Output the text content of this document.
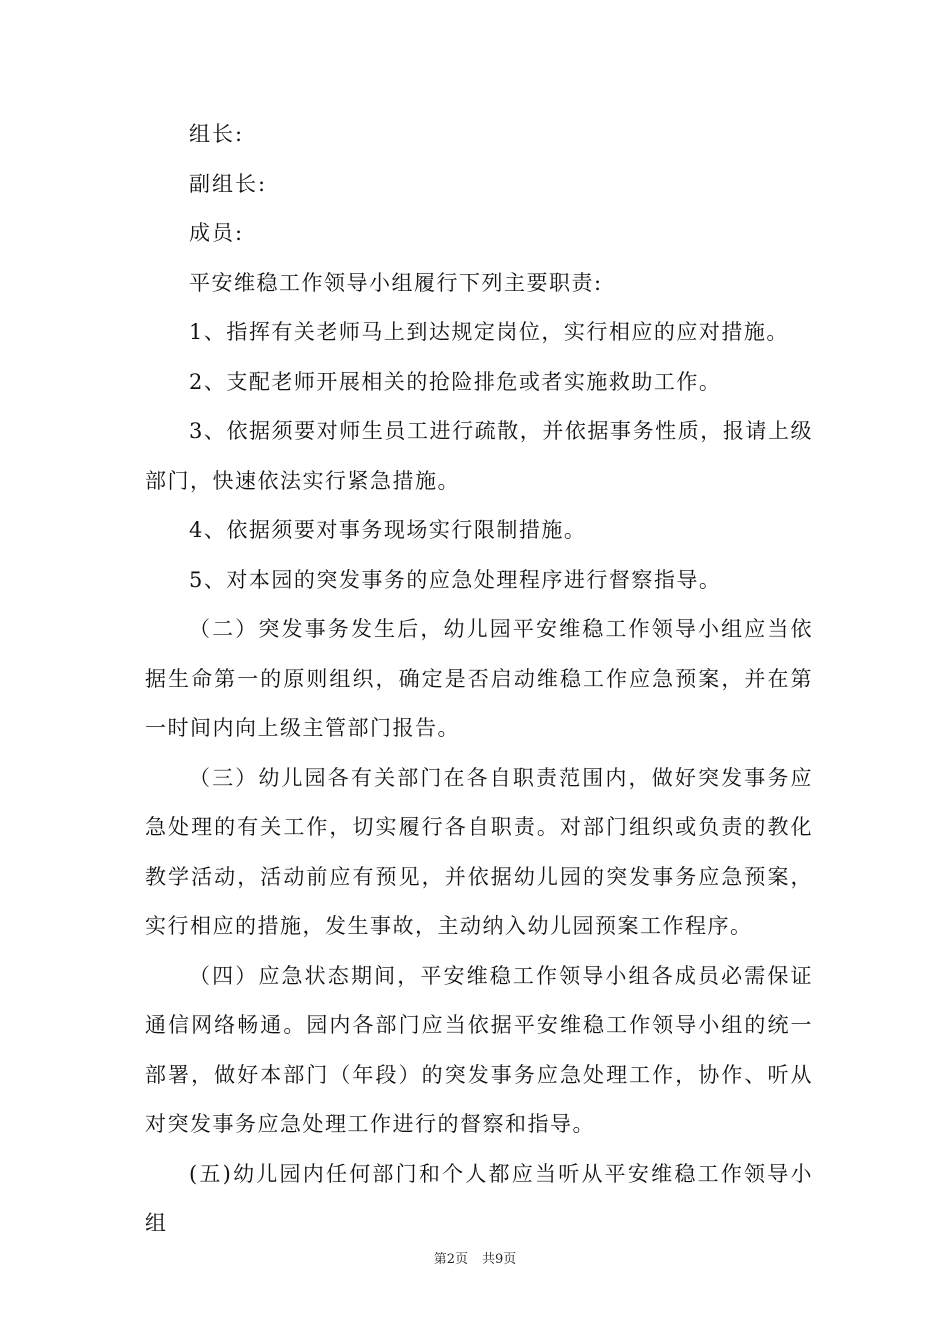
组长:

副组长:

成员:

平安维稳工作领导小组履行下列主要职责:

1、指挥有关老师马上到达规定岗位，实行相应的应对措施。

2、支配老师开展相关的抢险排危或者实施救助工作。

3、依据须要对师生员工进行疏散，并依据事务性质，报请上级部门，快速依法实行紧急措施。

4、依据须要对事务现场实行限制措施。

5、对本园的突发事务的应急处理程序进行督察指导。

（二）突发事务发生后，幼儿园平安维稳工作领导小组应当依据生命第一的原则组织，确定是否启动维稳工作应急预案，并在第一时间内向上级主管部门报告。

（三）幼儿园各有关部门在各自职责范围内，做好突发事务应急处理的有关工作，切实履行各自职责。对部门组织或负责的教化教学活动，活动前应有预见，并依据幼儿园的突发事务应急预案，实行相应的措施，发生事故，主动纳入幼儿园预案工作程序。

（四）应急状态期间，平安维稳工作领导小组各成员必需保证通信网络畅通。园内各部门应当依据平安维稳工作领导小组的统一部署，做好本部门（年段）的突发事务应急处理工作，协作、听从对突发事务应急处理工作进行的督察和指导。

(五)幼儿园内任何部门和个人都应当听从平安维稳工作领导小组

第2页 共9页
